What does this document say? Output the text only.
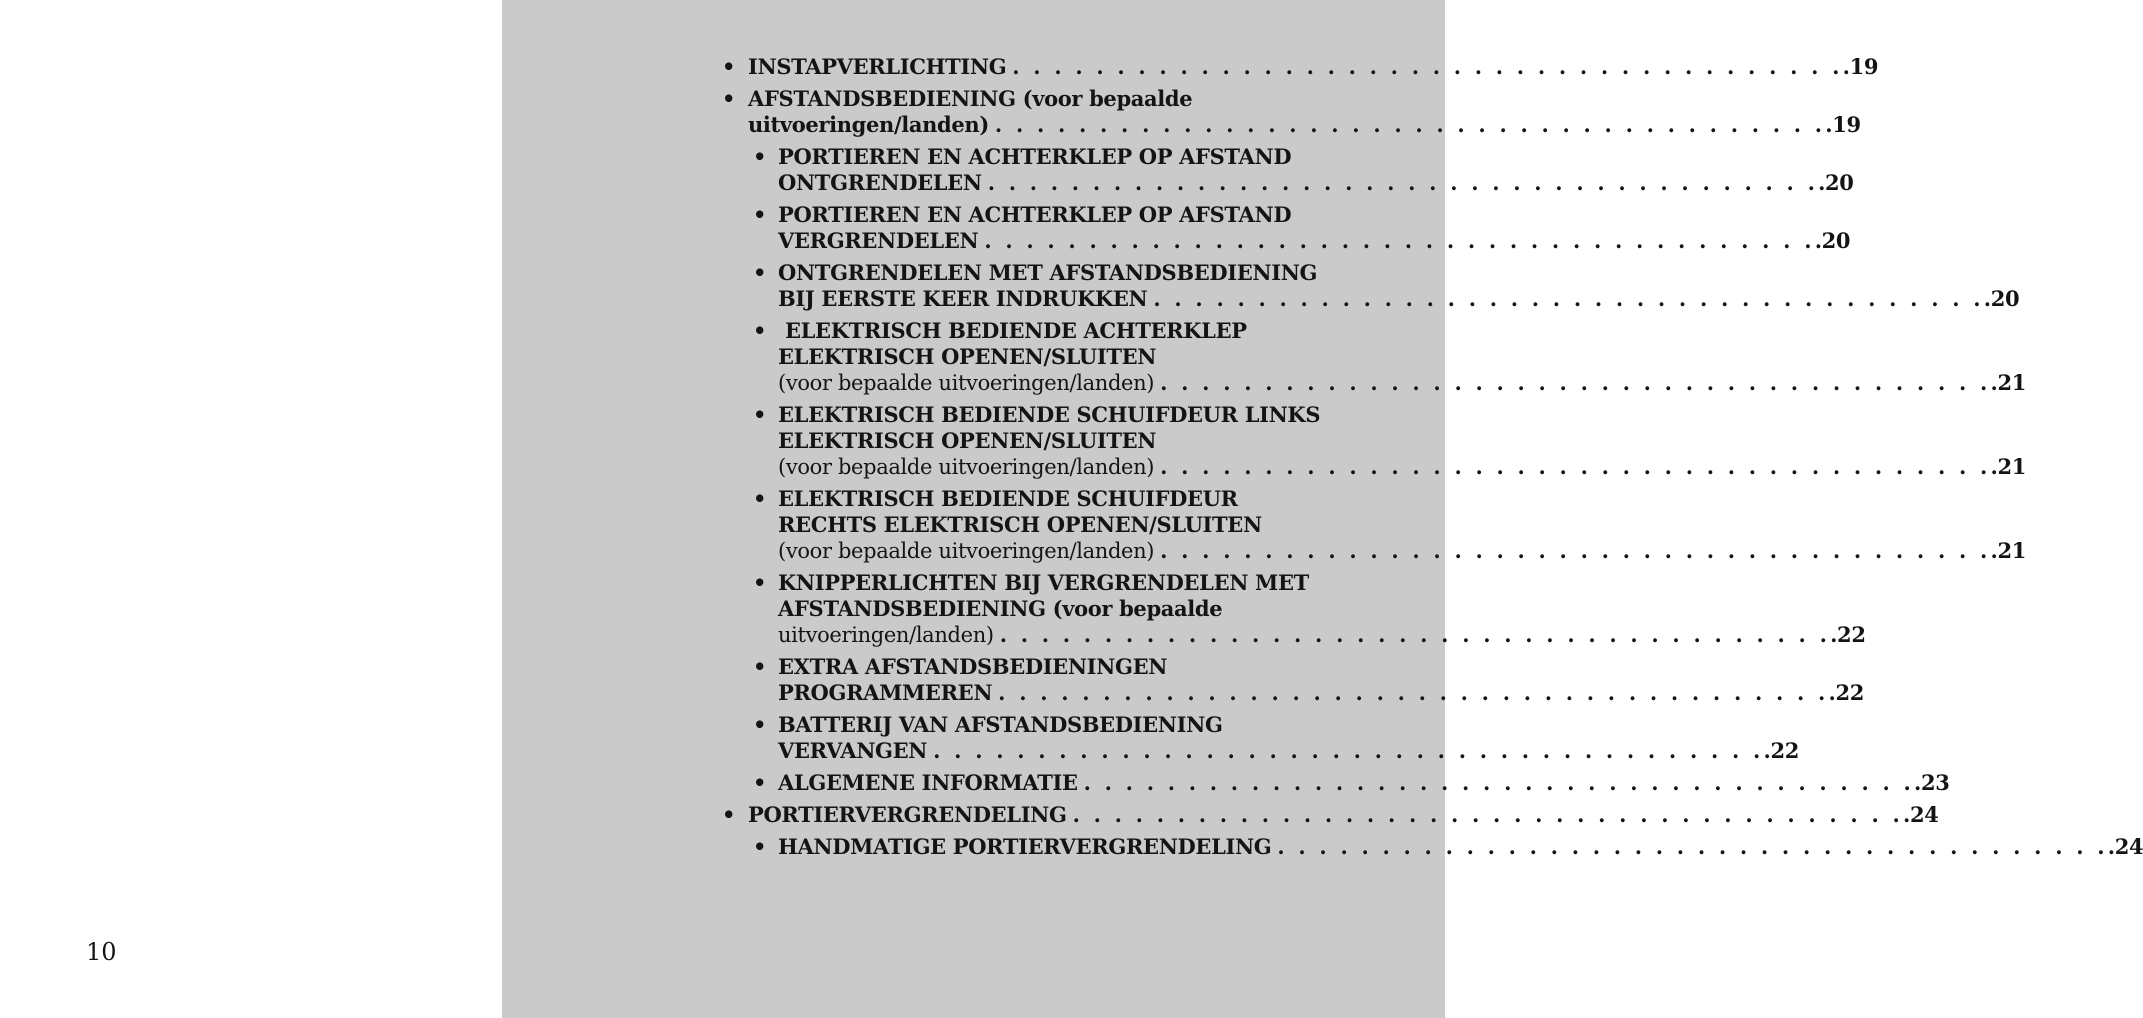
10
• INSTAPVERLICHTING . . . . . . . . . . . . . . . . . . . . . . . . . . . . . . . . . . . . . . . . .19
• AFSTANDSBEDIENING (voor bepaalde
uitvoeringen/landen) . . . . . . . . . . . . . . . . . . . . . . . . . . . . . . . . . . . . . . . . .19
• PORTIEREN EN ACHTERKLEP OP AFSTAND
ONTGRENDELEN . . . . . . . . . . . . . . . . . . . . . . . . . . . . . . . . . . . . . . . . .20
• PORTIEREN EN ACHTERKLEP OP AFSTAND
VERGRENDELEN . . . . . . . . . . . . . . . . . . . . . . . . . . . . . . . . . . . . . . . . .20
• ONTGRENDELEN MET AFSTANDSBEDIENING
BIJ EERSTE KEER INDRUKKEN . . . . . . . . . . . . . . . . . . . . . . . . . . . . . . . . . . . . . . . . .20
• ELEKTRISCH BEDIENDE ACHTERKLEP
ELEKTRISCH OPENEN/SLUITEN
(voor bepaalde uitvoeringen/landen) . . . . . . . . . . . . . . . . . . . . . . . . . . . . . . . . . . . . . . . . .21
• ELEKTRISCH BEDIENDE SCHUIFDEUR LINKS
ELEKTRISCH OPENEN/SLUITEN
(voor bepaalde uitvoeringen/landen) . . . . . . . . . . . . . . . . . . . . . . . . . . . . . . . . . . . . . . . . .21
• ELEKTRISCH BEDIENDE SCHUIFDEUR
RECHTS ELEKTRISCH OPENEN/SLUITEN
(voor bepaalde uitvoeringen/landen) . . . . . . . . . . . . . . . . . . . . . . . . . . . . . . . . . . . . . . . . .21
• KNIPPERLICHTEN BIJ VERGRENDELEN MET
AFSTANDSBEDIENING (voor bepaalde
uitvoeringen/landen) . . . . . . . . . . . . . . . . . . . . . . . . . . . . . . . . . . . . . . . . .22
• EXTRA AFSTANDSBEDIENINGEN
PROGRAMMEREN . . . . . . . . . . . . . . . . . . . . . . . . . . . . . . . . . . . . . . . . .22
• BATTERIJ VAN AFSTANDSBEDIENING
VERVANGEN . . . . . . . . . . . . . . . . . . . . . . . . . . . . . . . . . . . . . . . . .22
• ALGEMENE INFORMATIE . . . . . . . . . . . . . . . . . . . . . . . . . . . . . . . . . . . . . . . . .23
• PORTIERVERGRENDELING . . . . . . . . . . . . . . . . . . . . . . . . . . . . . . . . . . . . . . . . .24
• HANDMATIGE PORTIERVERGRENDELING . . . . . . . . . . . . . . . . . . . . . . . . . . . . . . . . . . . . . . . . .24
